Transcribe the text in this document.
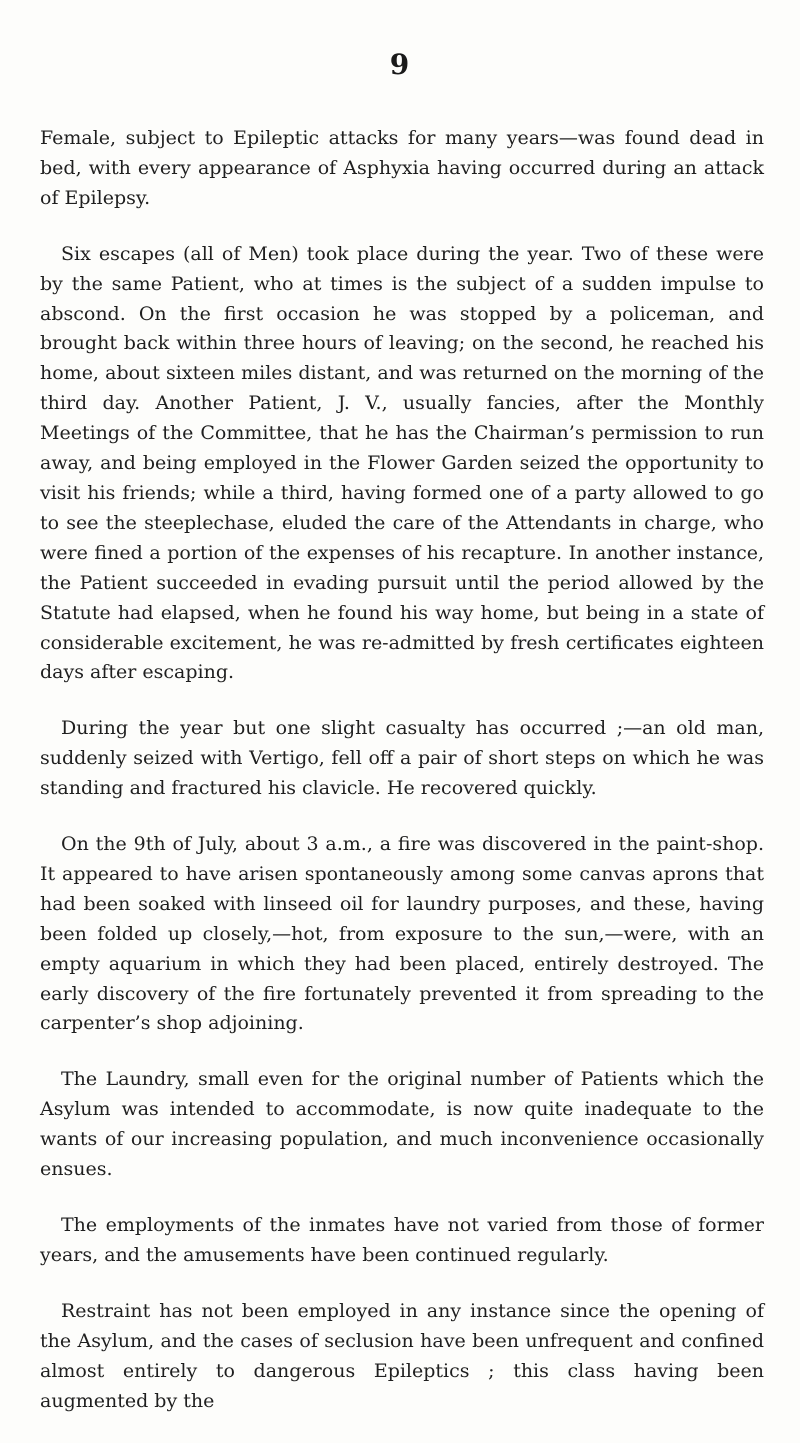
9

Female, subject to Epileptic attacks for many years—was found dead in bed, with every appearance of Asphyxia having occurred during an attack of Epilepsy.

Six escapes (all of Men) took place during the year. Two of these were by the same Patient, who at times is the subject of a sudden impulse to abscond. On the first occasion he was stopped by a policeman, and brought back within three hours of leaving; on the second, he reached his home, about sixteen miles distant, and was returned on the morning of the third day. Another Patient, J. V., usually fancies, after the Monthly Meetings of the Committee, that he has the Chairman’s permission to run away, and being employed in the Flower Garden seized the opportunity to visit his friends; while a third, having formed one of a party allowed to go to see the steeplechase, eluded the care of the Attendants in charge, who were fined a portion of the expenses of his recapture. In another instance, the Patient succeeded in evading pursuit until the period allowed by the Statute had elapsed, when he found his way home, but being in a state of considerable excitement, he was re-admitted by fresh certificates eighteen days after escaping.

During the year but one slight casualty has occurred ;—an old man, suddenly seized with Vertigo, fell off a pair of short steps on which he was standing and fractured his clavicle. He recovered quickly.

On the 9th of July, about 3 a.m., a fire was discovered in the paint-shop. It appeared to have arisen spontaneously among some canvas aprons that had been soaked with linseed oil for laundry purposes, and these, having been folded up closely,—hot, from exposure to the sun,—were, with an empty aquarium in which they had been placed, entirely destroyed. The early discovery of the fire fortunately prevented it from spreading to the carpenter’s shop adjoining.

The Laundry, small even for the original number of Patients which the Asylum was intended to accommodate, is now quite inadequate to the wants of our increasing population, and much inconvenience occasionally ensues.

The employments of the inmates have not varied from those of former years, and the amusements have been continued regularly.

Restraint has not been employed in any instance since the opening of the Asylum, and the cases of seclusion have been unfrequent and confined almost entirely to dangerous Epileptics ; this class having been augmented by the
